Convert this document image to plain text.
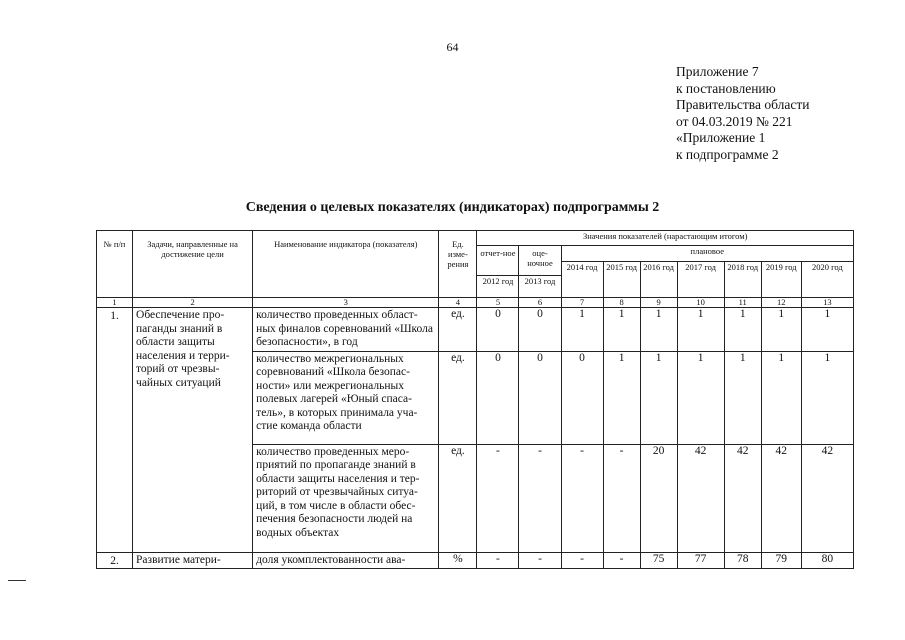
64
Приложение 7
к постановлению
Правительства области
от 04.03.2019 № 221
«Приложение 1
к подпрограмме 2
Сведения о целевых показателях (индикаторах) подпрограммы 2
№ п/п	Задачи, направленные на достижение цели	Наименование индикатора (показателя)	Ед. изме-рения	Значения показателей (нарастающим итогом)								
				отчет-ное	оце-ночное	плановое						
						2014 год	2015 год	2016 год	2017 год	2018 год	2019 год	2020 год
				2012 год	2013 год							
1	2	3	4	5	6	7	8	9	10	11	12	13
1.	Обеспечение про-паганды знаний в области защиты населения и терри-торий от чрезвы-чайных ситуаций	количество проведенных област-ных финалов соревнований «Школа безопасности», в год	ед.	0	0	1	1	1	1	1	1	1
		количество межрегиональных соревнований «Школа безопас-ности» или межрегиональных полевых лагерей «Юный спаса-тель», в которых принимала уча-стие команда области	ед.	0	0	0	1	1	1	1	1	1
		количество проведенных меро-приятий по пропаганде знаний в области защиты населения и тер-риторий от чрезвычайных ситуа-ций, в том числе в области обес-печения безопасности людей на водных объектах	ед.	-	-	-	-	20	42	42	42	42
2.	Развитие матери-	доля укомплектованности ава-	%	-	-	-	-	75	77	78	79	80
